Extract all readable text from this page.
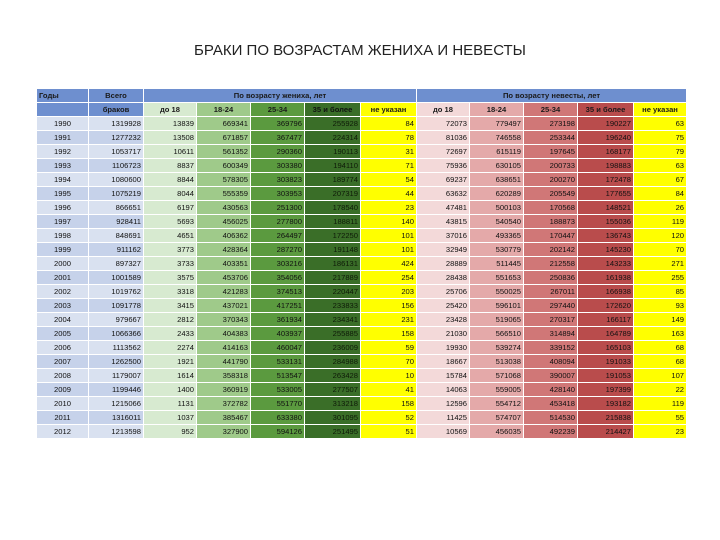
БРАКИ ПО ВОЗРАСТАМ ЖЕНИХА И НЕВЕСТЫ
Годы	Всего	По возрасту жениха, лет					По возрасту невесты, лет				
	браков	до 18	18-24	25-34	35 и более	не указан	до 18	18-24	25-34	35 и более	не указан
1990	1319928	13839	669341	369796	255928	84	72073	779497	273198	190227	63
1991	1277232	13508	671857	367477	224314	78	81036	746558	253344	196240	75
1992	1053717	10611	561352	290360	190113	31	72697	615119	197645	168177	79
1993	1106723	8837	600349	303380	194110	71	75936	630105	200733	198883	63
1994	1080600	8844	578305	303823	189774	54	69237	638651	200270	172478	67
1995	1075219	8044	555359	303953	207319	44	63632	620289	205549	177655	84
1996	866651	6197	430563	251300	178540	23	47481	500103	170568	148521	26
1997	928411	5693	456025	277800	188811	140	43815	540540	188873	155036	119
1998	848691	4651	406362	264497	172250	101	37016	493365	170447	136743	120
1999	911162	3773	428364	287270	191148	101	32949	530779	202142	145230	70
2000	897327	3733	403351	303216	186131	424	28889	511445	212558	143233	271
2001	1001589	3575	453706	354056	217889	254	28438	551653	250836	161938	255
2002	1019762	3318	421283	374513	220447	203	25706	550025	267011	166938	85
2003	1091778	3415	437021	417251	233833	156	25420	596101	297440	172620	93
2004	979667	2812	370343	361934	234341	231	23428	519065	270317	166117	149
2005	1066366	2433	404383	403937	255885	158	21030	566510	314894	164789	163
2006	1113562	2274	414163	460047	236009	59	19930	539274	339152	165103	68
2007	1262500	1921	441790	533131	284988	70	18667	513038	408094	191033	68
2008	1179007	1614	358318	513547	263428	10	15784	571068	390007	191053	107
2009	1199446	1400	360919	533005	277507	41	14063	559005	428140	197399	22
2010	1215066	1131	372782	551770	313218	158	12596	554712	453418	193182	119
2011	1316011	1037	385467	633380	301095	52	11425	574707	514530	215838	55
2012	1213598	952	327900	594126	251495	51	10569	456035	492239	214427	23
